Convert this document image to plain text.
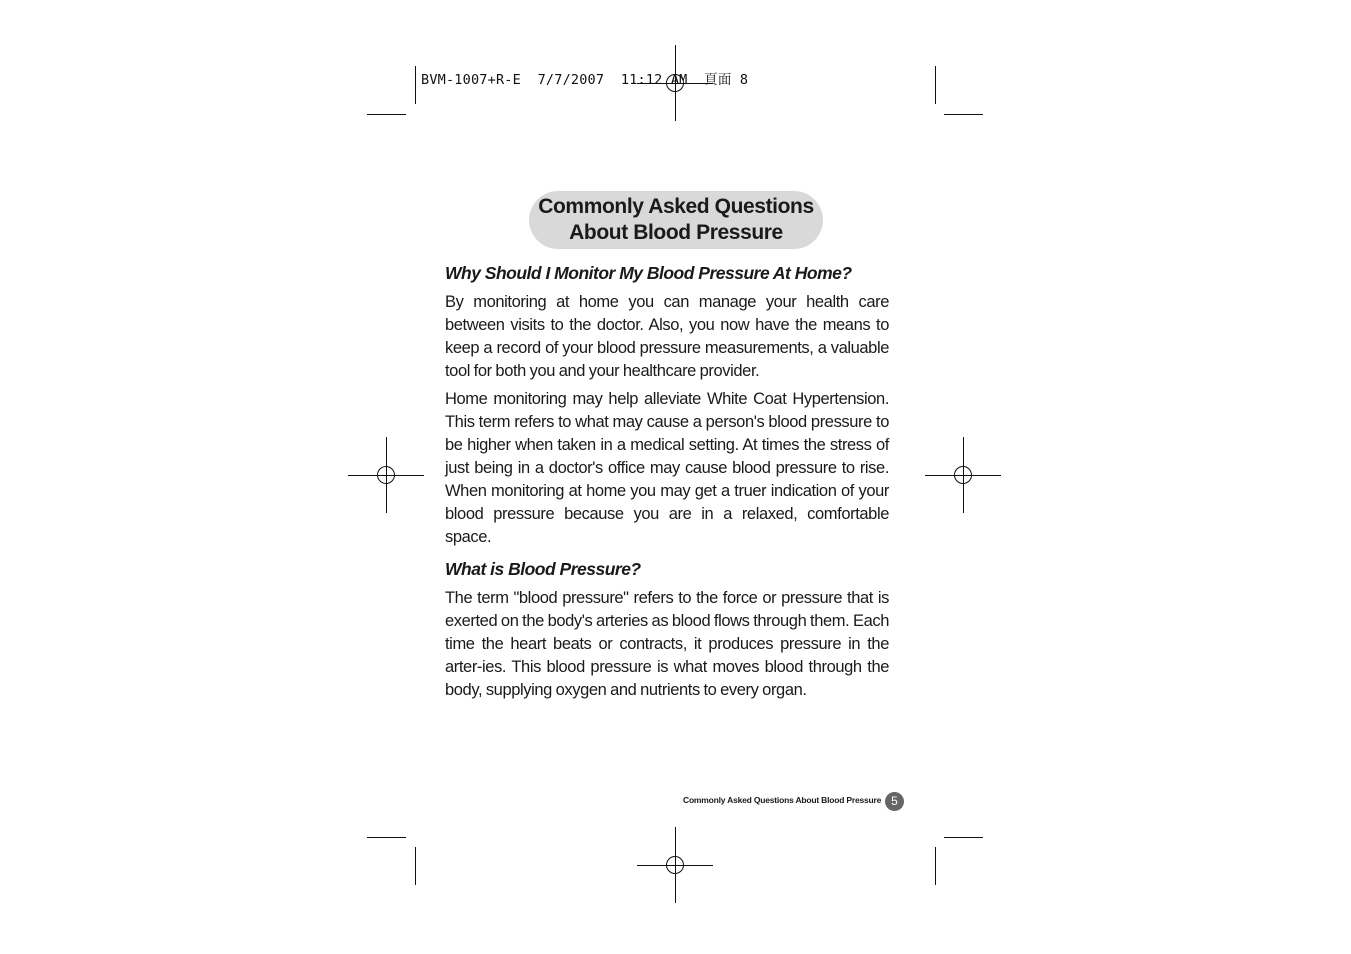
BVM-1007+R-E  7/7/2007  11:12 AM  頁面 8
Commonly Asked Questions
About Blood Pressure
Why Should I Monitor My Blood Pressure At Home?
By monitoring at home you can manage your health care between visits to the doctor. Also, you now have the means to keep a record of your blood pressure measurements, a valuable tool for both you and your healthcare provider.
Home monitoring may help alleviate White Coat Hypertension. This term refers to what may cause a person's blood pressure to be higher when taken in a medical setting. At times the stress of just being in a doctor's office may cause blood pressure to rise. When monitoring at home you may get a truer indication of your blood pressure because you are in a relaxed, comfortable space.
What is Blood Pressure?
The term "blood pressure" refers to the force or pressure that is exerted on the body's arteries as blood flows through them. Each time the heart beats or contracts, it produces pressure in the arter-ies. This blood pressure is what moves blood through the body, supplying oxygen and nutrients to every organ.
Commonly Asked Questions About Blood Pressure 5
